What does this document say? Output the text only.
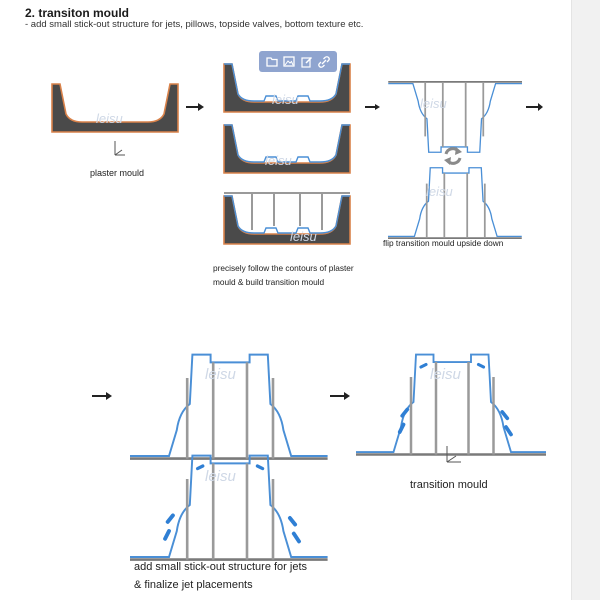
2. transiton mould
- add small stick-out structure for jets, pillows, topside valves, bottom texture etc.
leisu
leisu
leisu
leisu
leisu
leisu
leisu	leisu
leisu
plaster mould
precisely follow the contours of plaster
mould & build transition mould
flip transition mould upside down
transition mould
add small stick-out structure for jets
& finalize jet placements
